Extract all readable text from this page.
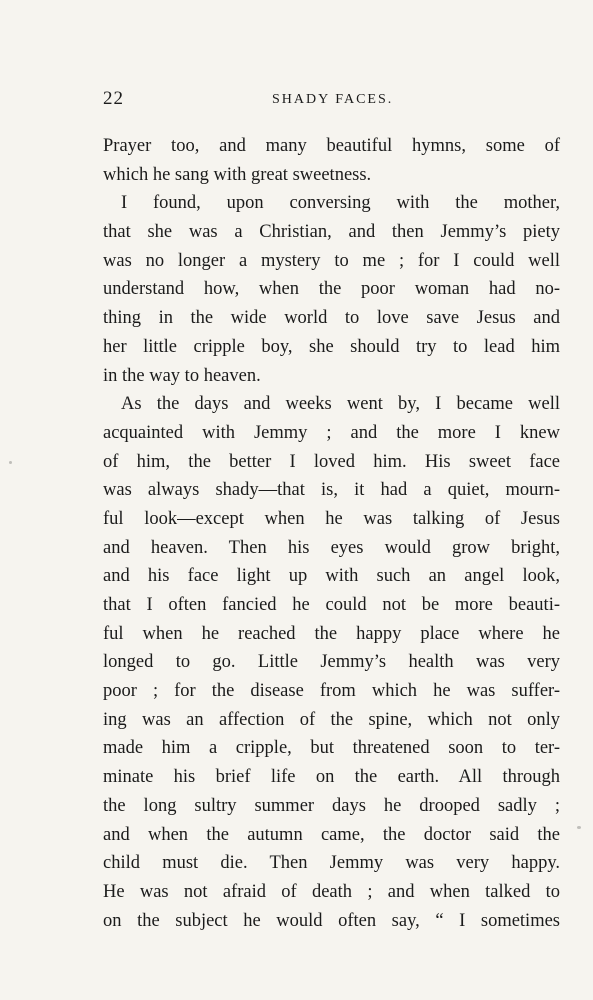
22	SHADY FACES.
Prayer too, and many beautiful hymns, some of
which he sang with great sweetness.
I found, upon conversing with the mother,
that she was a Christian, and then Jemmy’s piety
was no longer a mystery to me ; for I could well
understand how, when the poor woman had no-
thing in the wide world to love save Jesus and
her little cripple boy, she should try to lead him
in the way to heaven.
As the days and weeks went by, I became well
acquainted with Jemmy ; and the more I knew
of him, the better I loved him. His sweet face
was always shady—that is, it had a quiet, mourn-
ful look—except when he was talking of Jesus
and heaven. Then his eyes would grow bright,
and his face light up with such an angel look,
that I often fancied he could not be more beauti-
ful when he reached the happy place where he
longed to go. Little Jemmy’s health was very
poor ; for the disease from which he was suffer-
ing was an affection of the spine, which not only
made him a cripple, but threatened soon to ter-
minate his brief life on the earth. All through
the long sultry summer days he drooped sadly ;
and when the autumn came, the doctor said the
child must die. Then Jemmy was very happy.
He was not afraid of death ; and when talked to
on the subject he would often say, “ I sometimes
